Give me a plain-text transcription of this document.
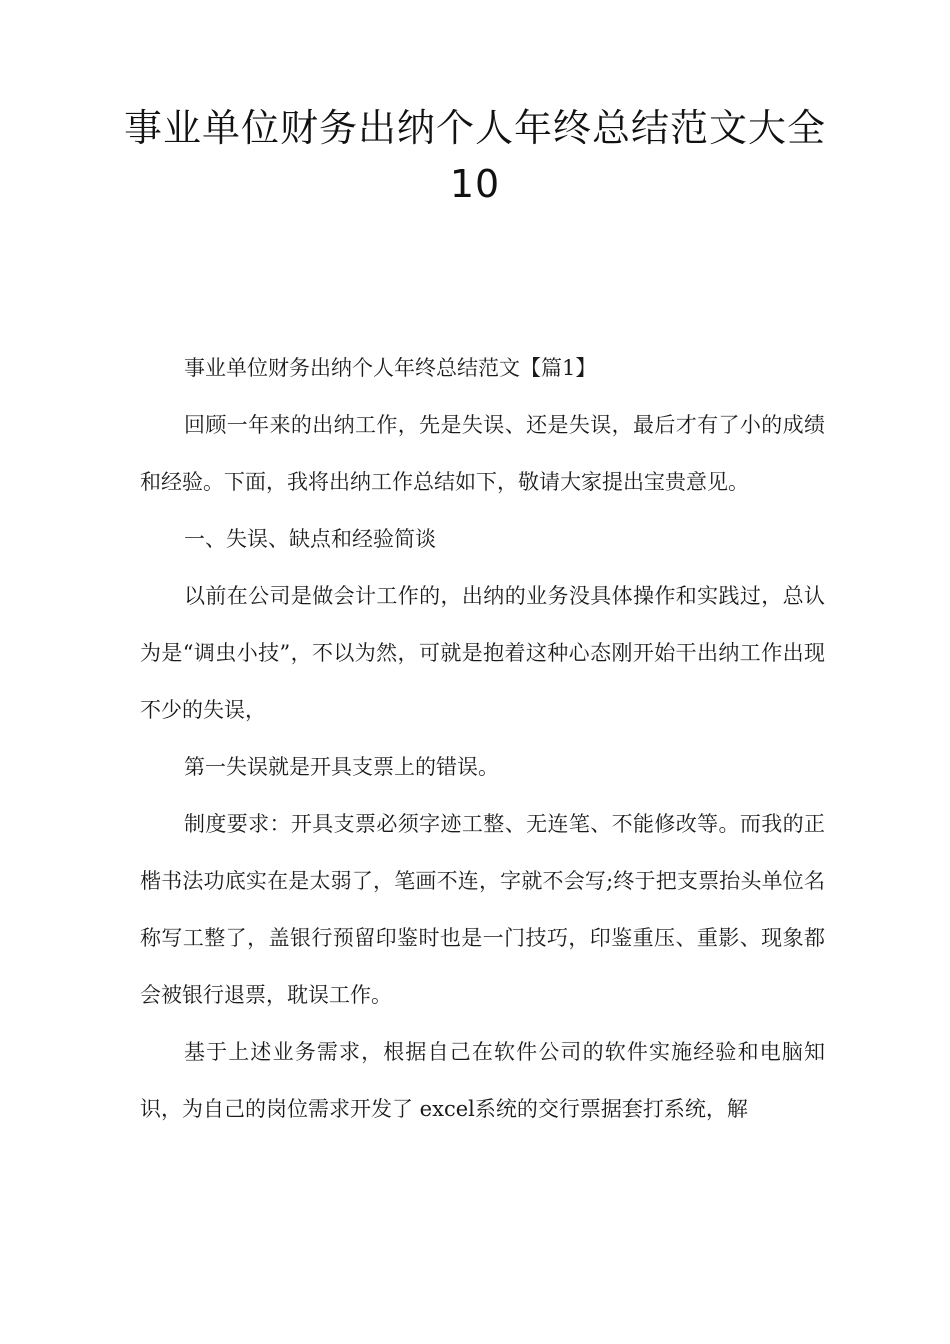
事业单位财务出纳个人年终总结范文大全10

事业单位财务出纳个人年终总结范文【篇1】

回顾一年来的出纳工作，先是失误、还是失误，最后才有了小的成绩和经验。下面，我将出纳工作总结如下，敬请大家提出宝贵意见。

一、失误、缺点和经验简谈

以前在公司是做会计工作的，出纳的业务没具体操作和实践过，总认为是“调虫小技”，不以为然，可就是抱着这种心态刚开始干出纳工作出现不少的失误，

第一失误就是开具支票上的错误。

制度要求：开具支票必须字迹工整、无连笔、不能修改等。而我的正楷书法功底实在是太弱了，笔画不连，字就不会写;终于把支票抬头单位名称写工整了，盖银行预留印鉴时也是一门技巧，印鉴重压、重影、现象都会被银行退票，耽误工作。

基于上述业务需求，根据自己在软件公司的软件实施经验和电脑知识，为自己的岗位需求开发了 excel系统的交行票据套打系统，解
